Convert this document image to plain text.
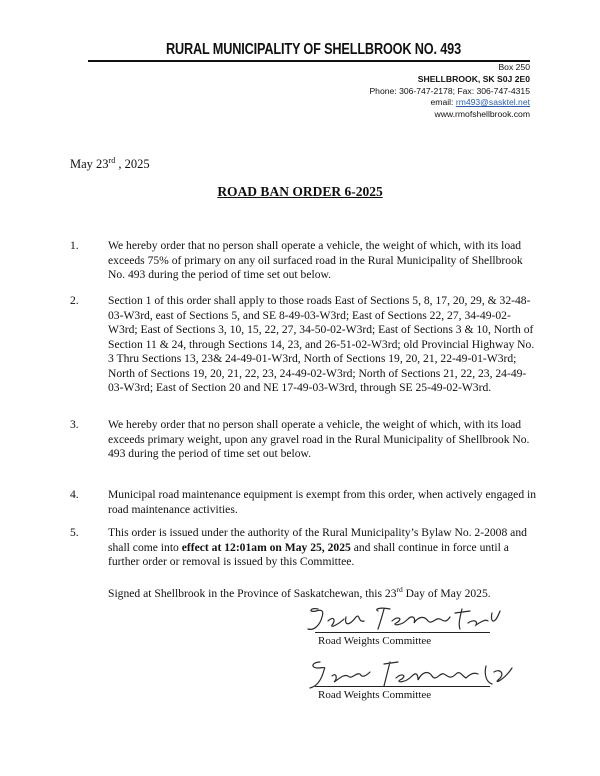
RURAL MUNICIPALITY OF SHELLBROOK NO. 493
Box 250
SHELLBROOK, SK S0J 2E0
Phone: 306-747-2178; Fax: 306-747-4315
email: rm493@sasktel.net
www.rmofshellbrook.com
May 23rd , 2025
ROAD BAN ORDER 6-2025
1.	We hereby order that no person shall operate a vehicle, the weight of which, with its load exceeds 75% of primary on any oil surfaced road in the Rural Municipality of Shellbrook No. 493 during the period of time set out below.
2.	Section 1 of this order shall apply to those roads East of Sections 5, 8, 17, 20, 29, & 32-48-03-W3rd, east of Sections 5, and SE 8-49-03-W3rd; East of Sections 22, 27, 34-49-02-W3rd; East of Sections 3, 10, 15, 22, 27, 34-50-02-W3rd; East of Sections 3 & 10, North of Section 11 & 24, through Sections 14, 23, and 26-51-02-W3rd; old Provincial Highway No. 3 Thru Sections 13, 23& 24-49-01-W3rd, North of Sections 19, 20, 21, 22-49-01-W3rd; North of Sections 19, 20, 21, 22, 23, 24-49-02-W3rd; North of Sections 21, 22, 23, 24-49-03-W3rd; East of Section 20 and NE 17-49-03-W3rd, through SE 25-49-02-W3rd.
3.	We hereby order that no person shall operate a vehicle, the weight of which, with its load exceeds primary weight, upon any gravel road in the Rural Municipality of Shellbrook No. 493 during the period of time set out below.
4.	Municipal road maintenance equipment is exempt from this order, when actively engaged in road maintenance activities.
5.	This order is issued under the authority of the Rural Municipality’s Bylaw No. 2-2008 and shall come into effect at 12:01am on May 25, 2025 and shall continue in force until a further order or removal is issued by this Committee.
Signed at Shellbrook in the Province of Saskatchewan, this 23rd Day of May 2025.
Road Weights Committee
Road Weights Committee
